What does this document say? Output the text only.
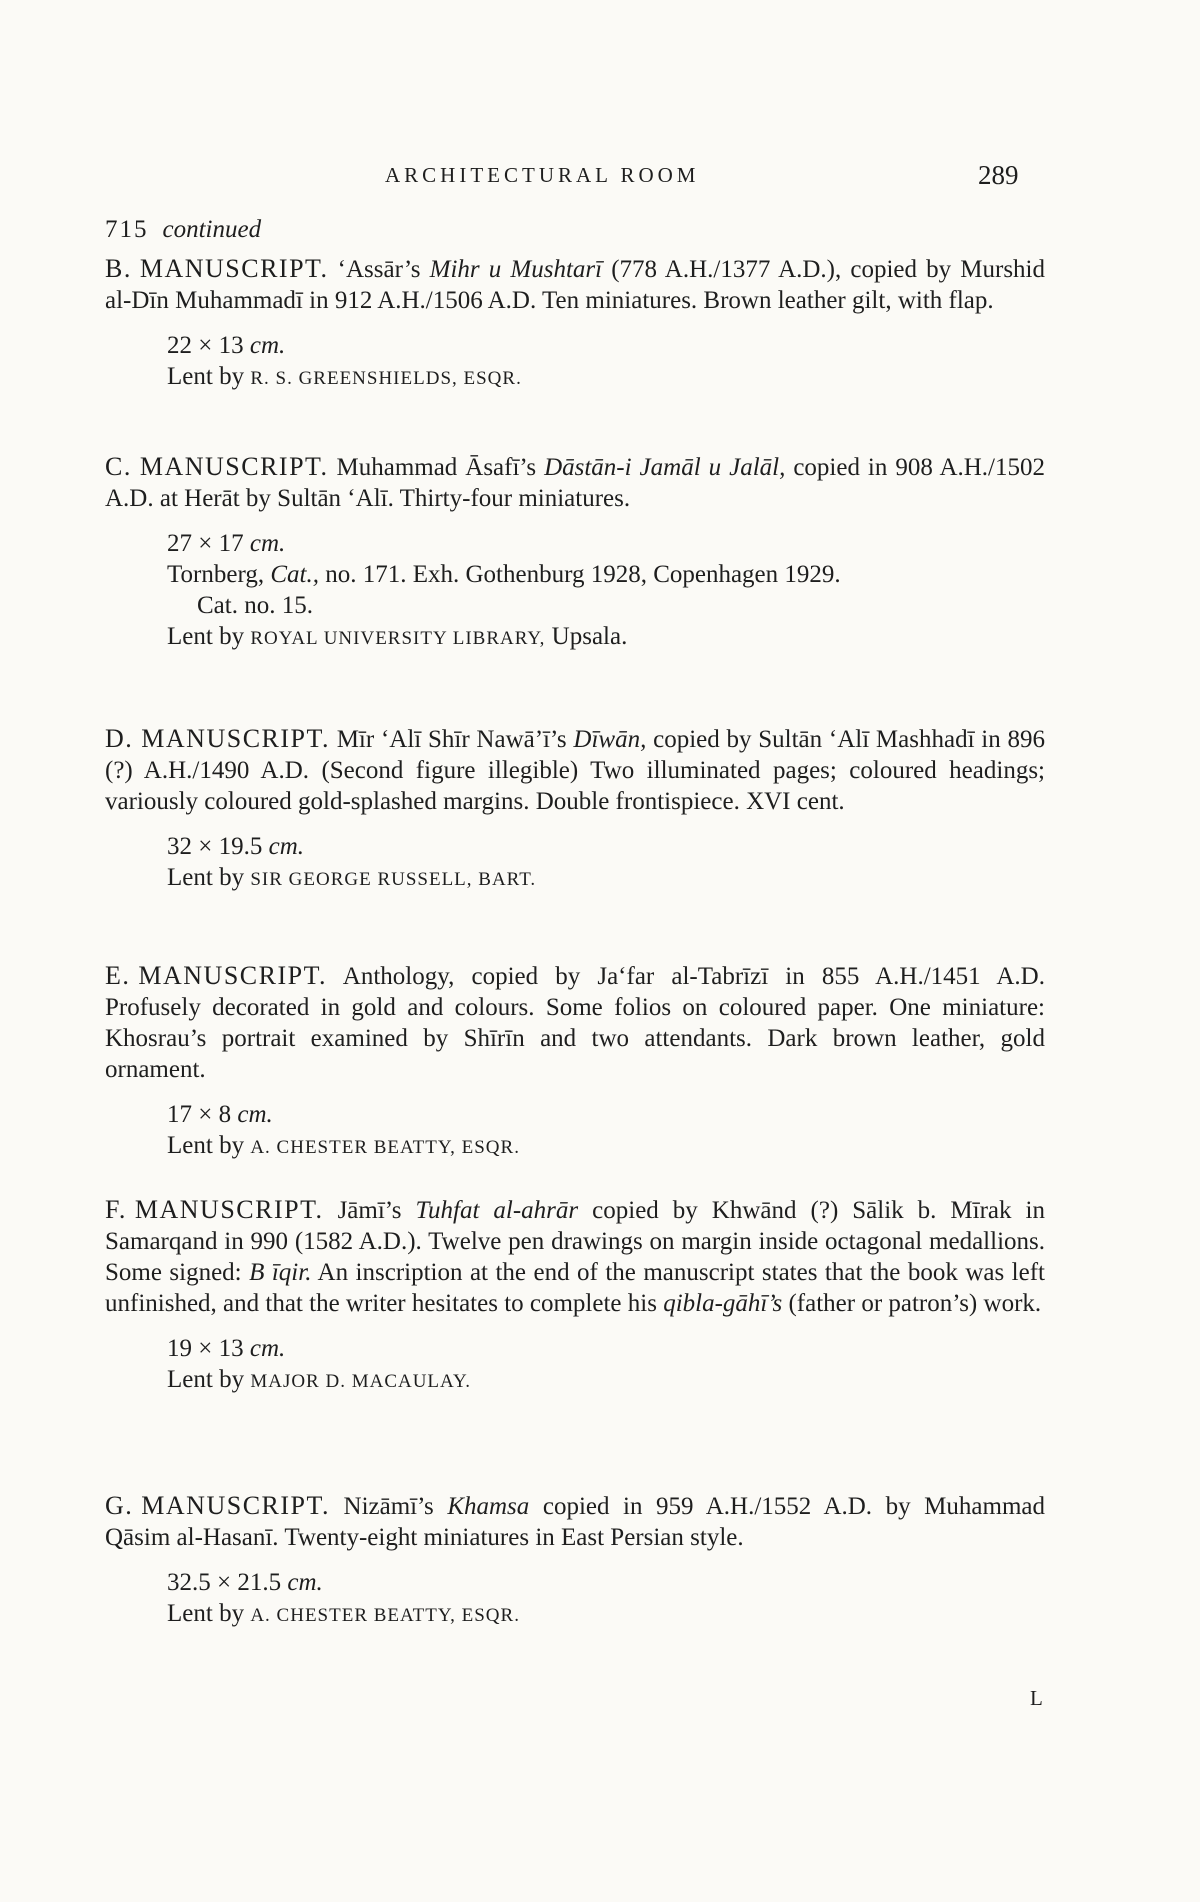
ARCHITECTURAL ROOM	289
715 continued

B. MANUSCRIPT. ‘Assār’s Mihr u Mushtarī (778 A.H./1377 A.D.), copied by Murshid al-Dīn Muhammadī in 912 A.H./1506 A.D. Ten miniatures. Brown leather gilt, with flap.

22 × 13 cm.
Lent by R. S. GREENSHIELDS, ESQR.

C. MANUSCRIPT. Muhammad Āsafī’s Dāstān-i Jamāl u Jalāl, copied in 908 A.H./1502 A.D. at Herāt by Sultān ‘Alī. Thirty-four miniatures.

27 × 17 cm.
Tornberg, Cat., no. 171. Exh. Gothenburg 1928, Copenhagen 1929.
Cat. no. 15.
Lent by ROYAL UNIVERSITY LIBRARY, Upsala.

D. MANUSCRIPT. Mīr ‘Alī Shīr Nawā’ī’s Dīwān, copied by Sultān ‘Alī Mashhadī in 896 (?) A.H./1490 A.D. (Second figure illegible) Two illuminated pages; coloured headings; variously coloured gold-splashed margins. Double frontispiece. XVI cent.

32 × 19.5 cm.
Lent by SIR GEORGE RUSSELL, BART.

E. MANUSCRIPT. Anthology, copied by Ja‘far al-Tabrīzī in 855 A.H./1451 A.D. Profusely decorated in gold and colours. Some folios on coloured paper. One miniature: Khosrau’s portrait examined by Shīrīn and two attendants. Dark brown leather, gold ornament.

17 × 8 cm.
Lent by A. CHESTER BEATTY, ESQR.

F. MANUSCRIPT. Jāmī’s Tuhfat al-ahrār copied by Khwānd (?) Sālik b. Mīrak in Samarqand in 990 (1582 A.D.). Twelve pen drawings on margin inside octagonal medallions. Some signed: B īqir. An inscription at the end of the manuscript states that the book was left unfinished, and that the writer hesitates to complete his qibla-gāhī’s (father or patron’s) work.

19 × 13 cm.
Lent by MAJOR D. MACAULAY.

G. MANUSCRIPT. Nizāmī’s Khamsa copied in 959 A.H./1552 A.D. by Muhammad Qāsim al-Hasanī. Twenty-eight miniatures in East Persian style.

32.5 × 21.5 cm.
Lent by A. CHESTER BEATTY, ESQR.
L
